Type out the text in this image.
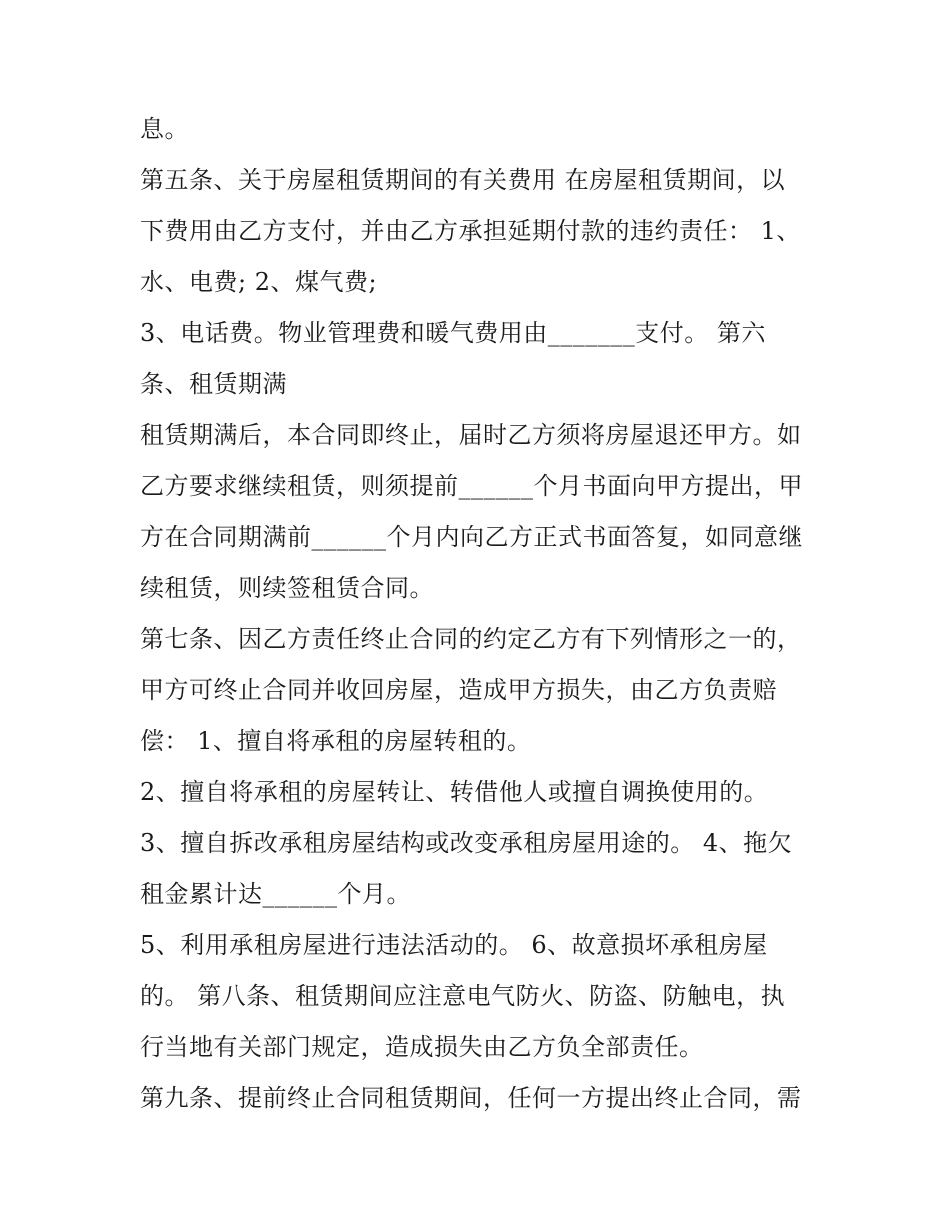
息。

第五条、关于房屋租赁期间的有关费用 在房屋租赁期间，以

下费用由乙方支付，并由乙方承担延期付款的违约责任： 1、

水、电费; 2、煤气费;

3、电话费。物业管理费和暖气费用由_______支付。 第六

条、租赁期满

租赁期满后，本合同即终止，届时乙方须将房屋退还甲方。如

乙方要求继续租赁，则须提前______个月书面向甲方提出，甲

方在合同期满前______个月内向乙方正式书面答复，如同意继

续租赁，则续签租赁合同。

第七条、因乙方责任终止合同的约定乙方有下列情形之一的，

甲方可终止合同并收回房屋，造成甲方损失，由乙方负责赔

偿： 1、擅自将承租的房屋转租的。

2、擅自将承租的房屋转让、转借他人或擅自调换使用的。

3、擅自拆改承租房屋结构或改变承租房屋用途的。 4、拖欠

租金累计达______个月。

5、利用承租房屋进行违法活动的。 6、故意损坏承租房屋

的。 第八条、租赁期间应注意电气防火、防盗、防触电，执

行当地有关部门规定，造成损失由乙方负全部责任。

第九条、提前终止合同租赁期间，任何一方提出终止合同，需
